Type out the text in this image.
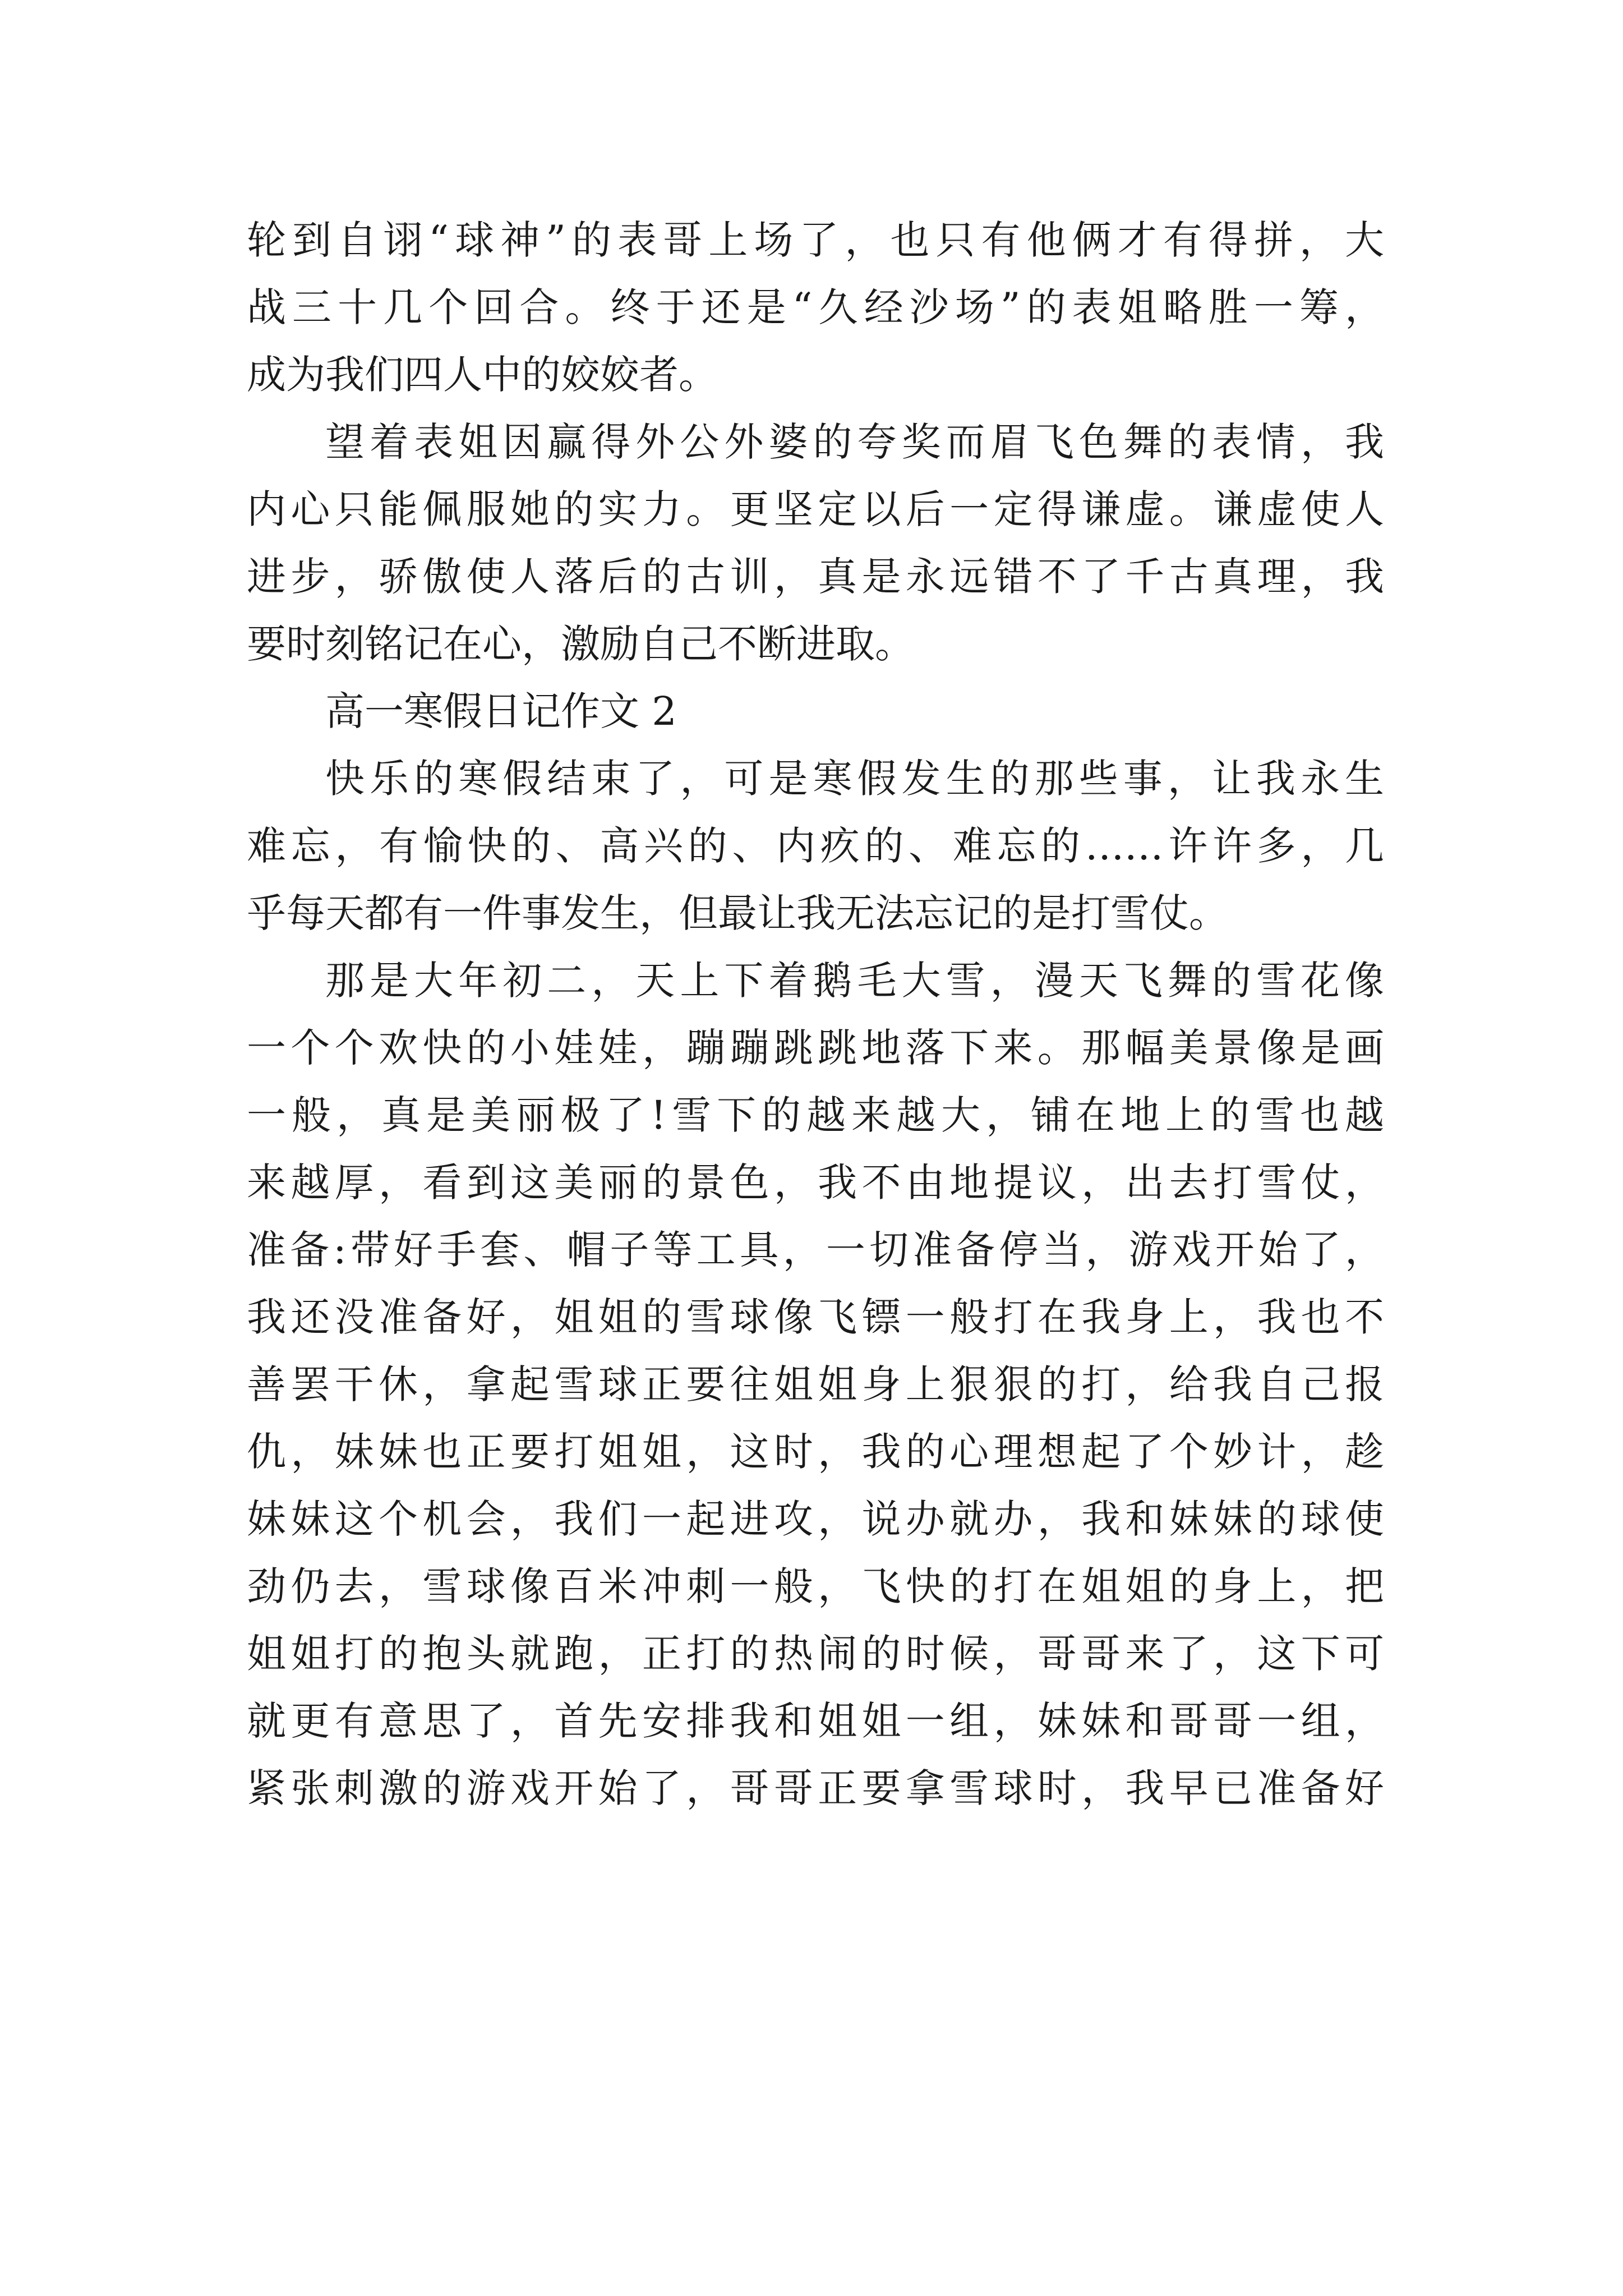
轮到自诩“球神”的表哥上场了，也只有他俩才有得拼，大
战三十几个回合。终于还是“久经沙场”的表姐略胜一筹，
成为我们四人中的姣姣者。
望着表姐因赢得外公外婆的夸奖而眉飞色舞的表情，我
内心只能佩服她的实力。更坚定以后一定得谦虚。谦虚使人
进步，骄傲使人落后的古训，真是永远错不了千古真理，我
要时刻铭记在心，激励自己不断进取。
高一寒假日记作文 2
快乐的寒假结束了，可是寒假发生的那些事，让我永生
难忘，有愉快的、高兴的、内疚的、难忘的……许许多，几
乎每天都有一件事发生，但最让我无法忘记的是打雪仗。
那是大年初二，天上下着鹅毛大雪，漫天飞舞的雪花像
一个个欢快的小娃娃，蹦蹦跳跳地落下来。那幅美景像是画
一般，真是美丽极了!雪下的越来越大，铺在地上的雪也越
来越厚，看到这美丽的景色，我不由地提议，出去打雪仗，
准备:带好手套、帽子等工具，一切准备停当，游戏开始了，
我还没准备好，姐姐的雪球像飞镖一般打在我身上，我也不
善罢干休，拿起雪球正要往姐姐身上狠狠的打，给我自己报
仇，妹妹也正要打姐姐，这时，我的心理想起了个妙计，趁
妹妹这个机会，我们一起进攻，说办就办，我和妹妹的球使
劲仍去，雪球像百米冲刺一般，飞快的打在姐姐的身上，把
姐姐打的抱头就跑，正打的热闹的时候，哥哥来了，这下可
就更有意思了，首先安排我和姐姐一组，妹妹和哥哥一组，
紧张刺激的游戏开始了，哥哥正要拿雪球时，我早已准备好
